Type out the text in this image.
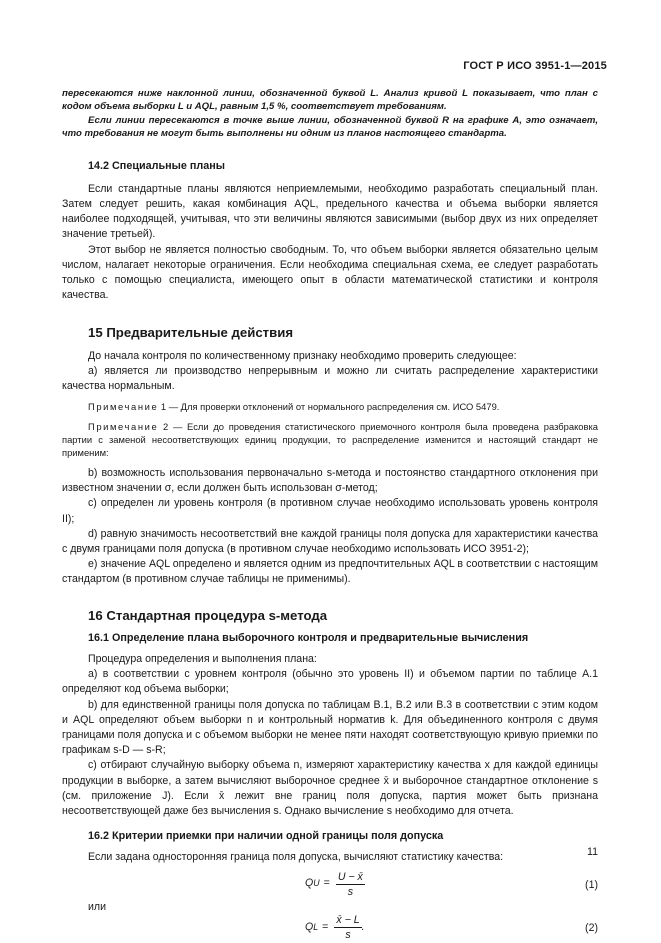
ГОСТ Р ИСО 3951-1—2015

пересекаются ниже наклонной линии, обозначенной буквой L. Анализ кривой L показывает, что план с кодом объема выборки L и AQL, равным 1,5 %, соответствует требованиям.

Если линии пересекаются в точке выше линии, обозначенной буквой R на графике A, это означает, что требования не могут быть выполнены ни одним из планов настоящего стандарта.

14.2 Специальные планы

Если стандартные планы являются неприемлемыми, необходимо разработать специальный план. Затем следует решить, какая комбинация AQL, предельного качества и объема выборки является наиболее подходящей, учитывая, что эти величины являются зависимыми (выбор двух из них определяет значение третьей).

Этот выбор не является полностью свободным. То, что объем выборки является обязательно целым числом, налагает некоторые ограничения. Если необходима специальная схема, ее следует разработать только с помощью специалиста, имеющего опыт в области математической статистики и контроля качества.

15 Предварительные действия

До начала контроля по количественному признаку необходимо проверить следующее:

a) является ли производство непрерывным и можно ли считать распределение характеристики качества нормальным.

Примечание 1 — Для проверки отклонений от нормального распределения см. ИСО 5479.

Примечание 2 — Если до проведения статистического приемочного контроля была проведена разбраковка партии с заменой несоответствующих единиц продукции, то распределение изменится и настоящий стандарт не применим:

b) возможность использования первоначально s-метода и постоянство стандартного отклонения при известном значении σ, если должен быть использован σ-метод;

c) определен ли уровень контроля (в противном случае необходимо использовать уровень контроля II);

d) равную значимость несоответствий вне каждой границы поля допуска для характеристики качества с двумя границами поля допуска (в противном случае необходимо использовать ИСО 3951-2);

e) значение AQL определено и является одним из предпочтительных AQL в соответствии с настоящим стандартом (в противном случае таблицы не применимы).

16 Стандартная процедура s-метода

16.1 Определение плана выборочного контроля и предварительные вычисления

Процедура определения и выполнения плана:

a) в соответствии с уровнем контроля (обычно это уровень II) и объемом партии по таблице A.1 определяют код объема выборки;

b) для единственной границы поля допуска по таблицам B.1, B.2 или B.3 в соответствии с этим кодом и AQL определяют объем выборки n и контрольный норматив k. Для объединенного контроля с двумя границами поля допуска и с объемом выборки не менее пяти находят соответствующую кривую приемки по графикам s-D — s-R;

c) отбирают случайную выборку объема n, измеряют характеристику качества x для каждой единицы продукции в выборке, а затем вычисляют выборочное среднее x̄ и выборочное стандартное отклонение s (см. приложение J). Если x̄ лежит вне границ поля допуска, партия может быть признана несоответствующей даже без вычисления s. Однако вычисление s необходимо для отчета.

16.2 Критерии приемки при наличии одной границы поля допуска

Если задана односторонняя граница поля допуска, вычисляют статистику качества:

Q $U = \frac{U - x̄}{s}$	(1)

или

Q $L = \frac{x̄ - L}{s}$ .	(2)
11
